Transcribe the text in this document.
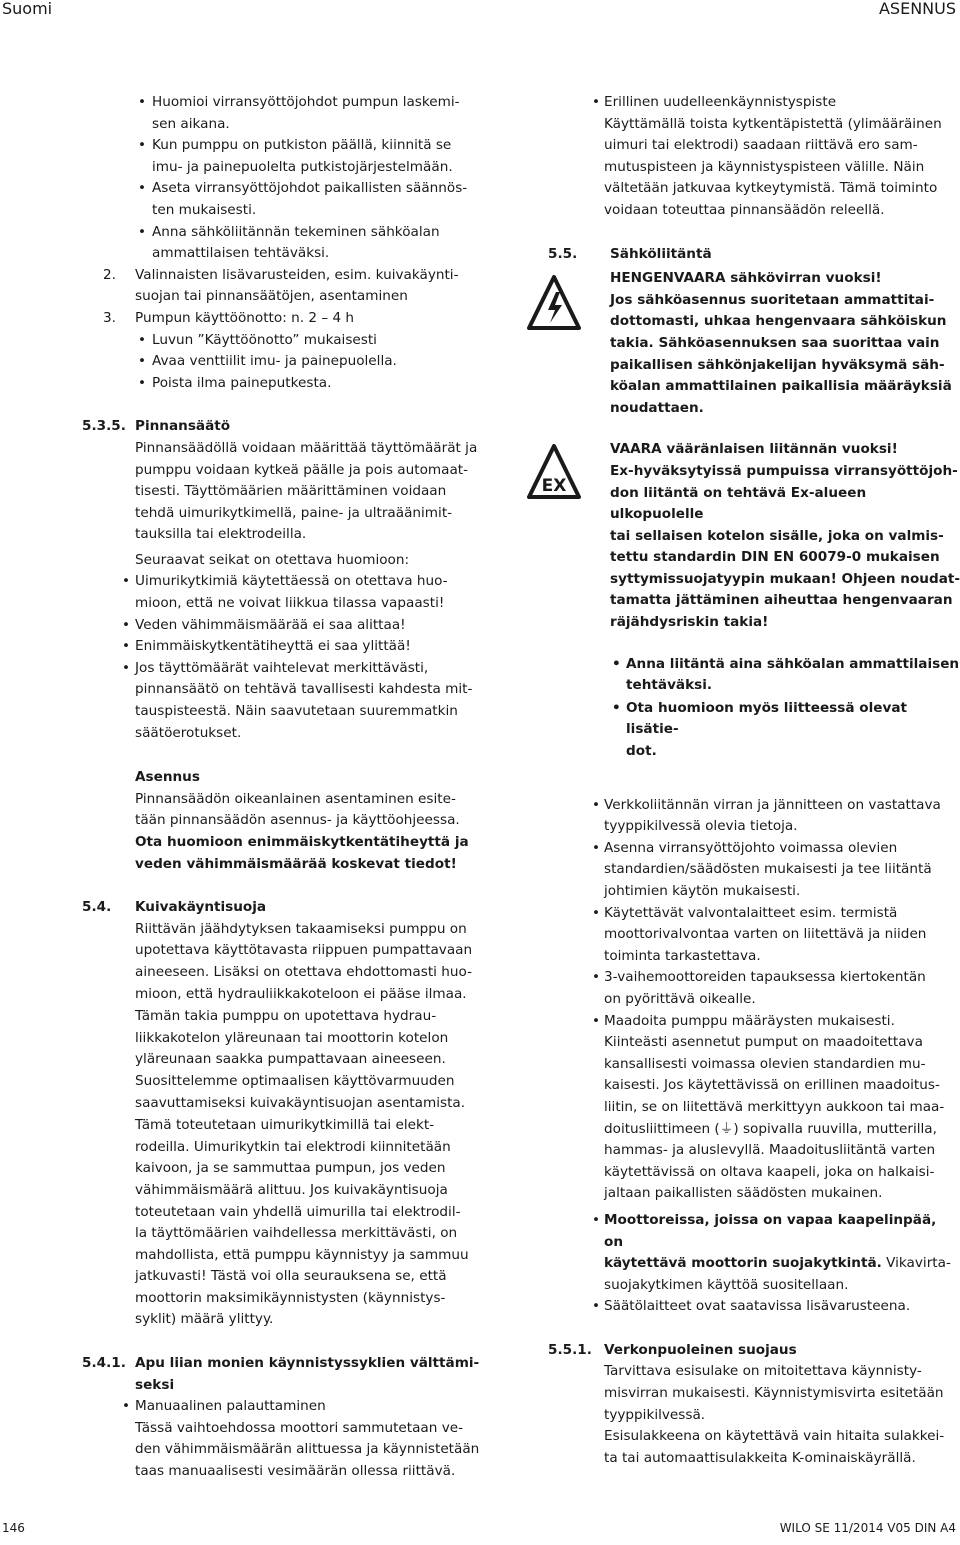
Suomi	ASENNUS
• Huomioi virransyöttöjohdot pumpun laskemi-
sen aikana.
• Kun pumppu on putkiston päällä, kiinnitä se
imu- ja painepuolelta putkistojärjestelmään.
• Aseta virransyöttöjohdot paikallisten säännös-
ten mukaisesti.
• Anna sähköliitännän tekeminen sähköalan
ammattilaisen tehtäväksi.
2.	Valinnaisten lisävarusteiden, esim. kuivakäynti-
suojan tai pinnansäätöjen, asentaminen
3.	Pumpun käyttöönotto: n. 2 – 4 h
• Luvun ”Käyttöönotto” mukaisesti
• Avaa venttiilit imu- ja painepuolella.
• Poista ilma paineputkesta.
5.3.5. Pinnansäätö
Pinnansäädöllä voidaan määrittää täyttömäärät ja
pumppu voidaan kytkeä päälle ja pois automaat-
tisesti. Täyttömäärien määrittäminen voidaan
tehdä uimurikytkimellä, paine- ja ultraäänimit-
tauksilla tai elektrodeilla.
Seuraavat seikat on otettava huomioon:
• Uimurikytkimiä käytettäessä on otettava huo-
mioon, että ne voivat liikkua tilassa vapaasti!
• Veden vähimmäismäärää ei saa alittaa!
• Enimmäiskytkentätiheyttä ei saa ylittää!
• Jos täyttömäärät vaihtelevat merkittävästi,
pinnansäätö on tehtävä tavallisesti kahdesta mit-
tauspisteestä. Näin saavutetaan suuremmatkin
säätöerotukset.
Asennus
Pinnansäädön oikeanlainen asentaminen esite-
tään pinnansäädön asennus- ja käyttöohjeessa.
Ota huomioon enimmäiskytkentätiheyttä ja
veden vähimmäismäärää koskevat tiedot!
5.4.	Kuivakäyntisuoja
Riittävän jäähdytyksen takaamiseksi pumppu on
upotettava käyttötavasta riippuen pumpattavaan
aineeseen. Lisäksi on otettava ehdottomasti huo-
mioon, että hydrauliikkakoteloon ei pääse ilmaa.
Tämän takia pumppu on upotettava hydrau-
liikkakotelon yläreunaan tai moottorin kotelon
yläreunaan saakka pumpattavaan aineeseen.
Suosittelemme optimaalisen käyttövarmuuden
saavuttamiseksi kuivakäyntisuojan asentamista.
Tämä toteutetaan uimurikytkimillä tai elekt-
rodeilla. Uimurikytkin tai elektrodi kiinnitetään
kaivoon, ja se sammuttaa pumpun, jos veden
vähimmäismäärä alittuu. Jos kuivakäyntisuoja
toteutetaan vain yhdellä uimurilla tai elektrodil-
la täyttömäärien vaihdellessa merkittävästi, on
mahdollista, että pumppu käynnistyy ja sammuu
jatkuvasti! Tästä voi olla seurauksena se, että
moottorin maksimikäynnistysten (käynnistys-
syklit) määrä ylittyy.
5.4.1. Apu liian monien käynnistyssyklien välttämi-
seksi
• Manuaalinen palauttaminen
Tässä vaihtoehdossa moottori sammutetaan ve-
den vähimmäismäärän alittuessa ja käynnistetään
taas manuaalisesti vesimäärän ollessa riittävä.
• Erillinen uudelleenkäynnistyspiste
Käyttämällä toista kytkentäpistettä (ylimääräinen
uimuri tai elektrodi) saadaan riittävä ero sam-
mutuspisteen ja käynnistyspisteen välille. Näin
vältetään jatkuvaa kytkeytymistä. Tämä toiminto
voidaan toteuttaa pinnansäädön releellä.
5.5.	Sähköliitäntä
HENGENVAARA sähkövirran vuoksi!
Jos sähköasennus suoritetaan ammattitai-
dottomasti, uhkaa hengenvaara sähköiskun
takia. Sähköasennuksen saa suorittaa vain
paikallisen sähkönjakelijan hyväksymä säh-
köalan ammattilainen paikallisia määräyksiä
noudattaen.
EX
VAARA vääränlaisen liitännän vuoksi!
Ex-hyväksytyissä pumpuissa virransyöttöjoh-
don liitäntä on tehtävä Ex-alueen ulkopuolelle
tai sellaisen kotelon sisälle, joka on valmis-
tettu standardin DIN EN 60079-0 mukaisen
syttymissuojatyypin mukaan! Ohjeen noudat-
tamatta jättäminen aiheuttaa hengenvaaran
räjähdysriskin takia!
• Anna liitäntä aina sähköalan ammattilaisen
tehtäväksi.
• Ota huomioon myös liitteessä olevat lisätie-
dot.
• Verkkoliitännän virran ja jännitteen on vastattava
tyyppikilvessä olevia tietoja.
• Asenna virransyöttöjohto voimassa olevien
standardien/säädösten mukaisesti ja tee liitäntä
johtimien käytön mukaisesti.
• Käytettävät valvontalaitteet esim. termistä
moottorivalvontaa varten on liitettävä ja niiden
toiminta tarkastettava.
• 3-vaihemoottoreiden tapauksessa kiertokentän
on pyörittävä oikealle.
• Maadoita pumppu määräysten mukaisesti.
Kiinteästi asennetut pumput on maadoitettava
kansallisesti voimassa olevien standardien mu-
kaisesti. Jos käytettävissä on erillinen maadoitus-
liitin, se on liitettävä merkittyyn aukkoon tai maa-
doitusliittimeen (⏚) sopivalla ruuvilla, mutterilla,
hammas- ja aluslevyllä. Maadoitusliitäntä varten
käytettävissä on oltava kaapeli, joka on halkaisi-
jaltaan paikallisten säädösten mukainen.
• Moottoreissa, joissa on vapaa kaapelinpää, on
käytettävä moottorin suojakytkintä. Vikavirta-
suojakytkimen käyttöä suositellaan.
• Säätölaitteet ovat saatavissa lisävarusteena.
5.5.1. Verkonpuoleinen suojaus
Tarvittava esisulake on mitoitettava käynnisty-
misvirran mukaisesti. Käynnistymisvirta esitetään
tyyppikilvessä.
Esisulakkeena on käytettävä vain hitaita sulakkei-
ta tai automaattisulakkeita K-ominaiskäyrällä.
146	WILO SE 11/2014 V05 DIN A4
